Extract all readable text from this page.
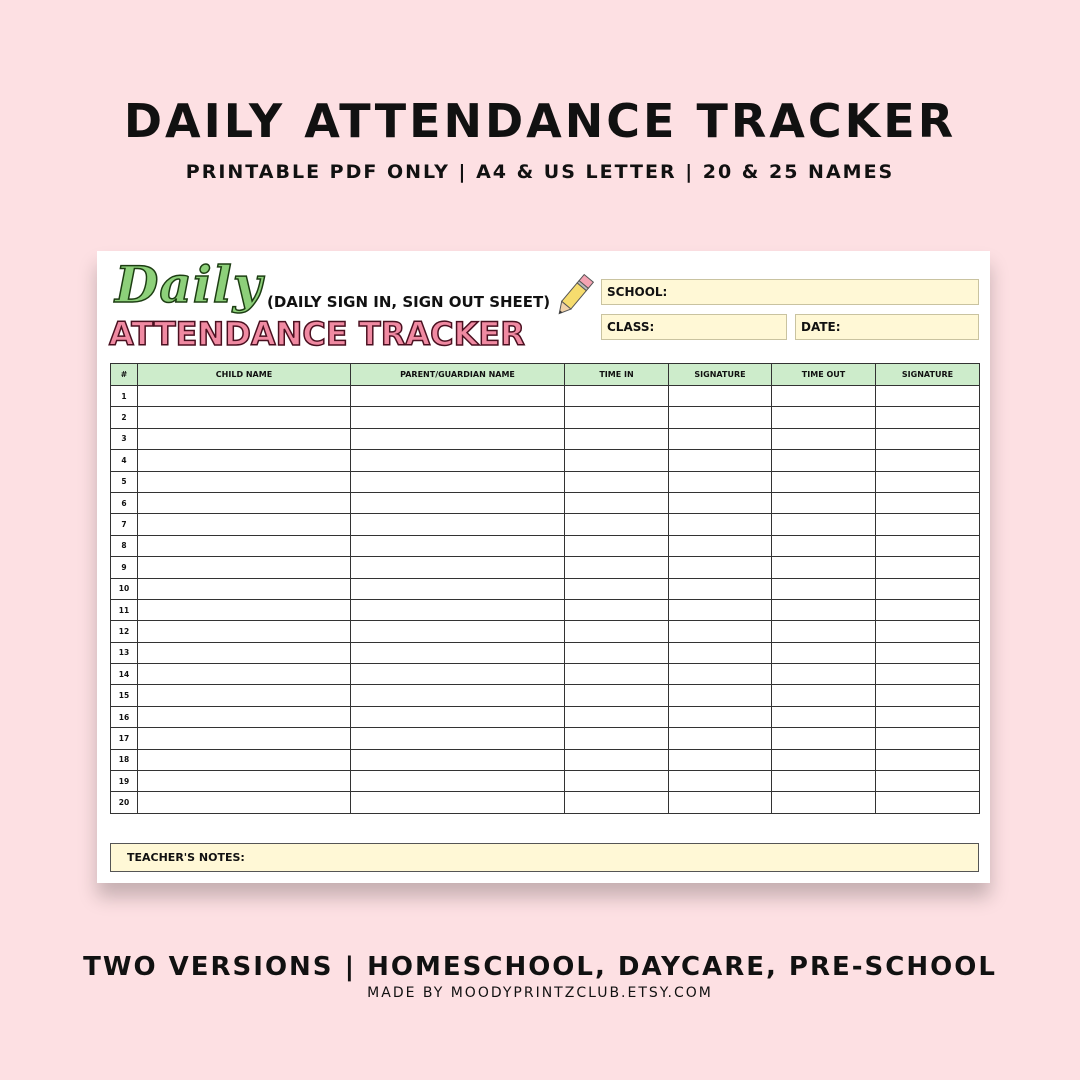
DAILY ATTENDANCE TRACKER
PRINTABLE PDF ONLY | A4 & US LETTER | 20 & 25 NAMES
Daily (DAILY SIGN IN, SIGN OUT SHEET)
ATTENDANCE TRACKER
SCHOOL:
CLASS:	DATE:
#	CHILD NAME	PARENT/GUARDIAN NAME	TIME IN	SIGNATURE	TIME OUT	SIGNATURE
1						
2						
3						
4						
5						
6						
7						
8						
9						
10						
11						
12						
13						
14						
15						
16						
17						
18						
19						
20						
TEACHER'S NOTES:
TWO VERSIONS | HOMESCHOOL, DAYCARE, PRE-SCHOOL
MADE BY MOODYPRINTZCLUB.ETSY.COM
